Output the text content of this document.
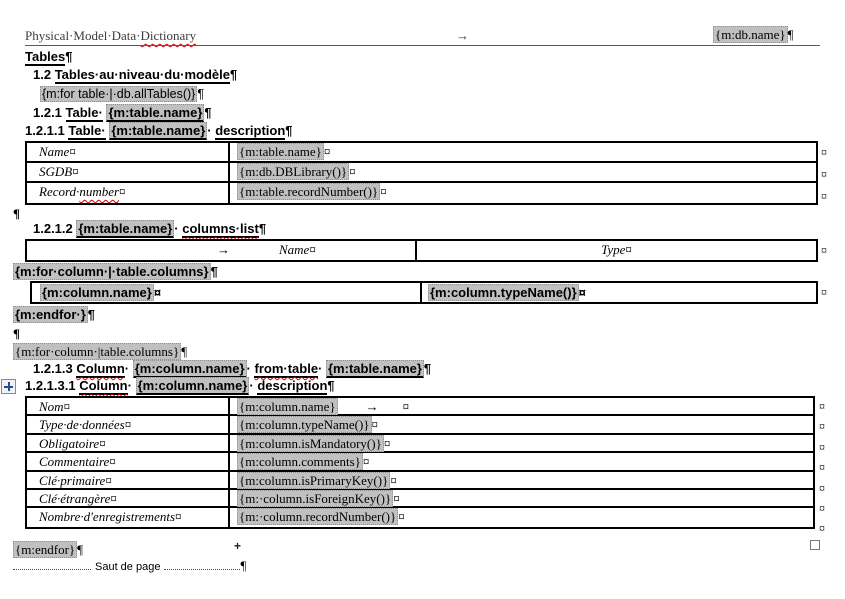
Physical·Model·Data·Dictionary	→	{m:db.name} ¶
Tables¶
1.2 Tables·au·niveau·du·modèle¶
{m:for table·|·db.allTables()} ¶
1.2.1 Table· {m:table.name} ¶
1.2.1.1 Table· {m:table.name} · description¶
Name¤	{m:table.name} ¤
SGDB¤	{m:db.DBLibrary()} ¤
Record·number¤	{m:table.recordNumber()} ¤
¤
¤
¤
¶
1.2.1.2 {m:table.name} · columns·list¶
→	Name¤	Type¤	¤
{m:for·column·|·table.columns} ¶
{m:column.name} ¤	{m:column.typeName()} ¤	¤
{m:endfor·} ¶
¶
{m:for·column·|table.columns} ¶
1.2.1.3 Column· {m:column.name} · from·table· {m:table.name} ¶
1.2.1.3.1 Column· {m:column.name} · description¶
Nom¤	{m:column.name} → ¤
Type·de·données¤	{m:column.typeName()} ¤
Obligatoire¤	{m:column.isMandatory()} ¤
Commentaire¤	{m:column.comments} ¤
Clé·primaire¤	{m:column.isPrimaryKey()} ¤
Clé·étrangère¤	{m:·column.isForeignKey()} ¤
Nombre·d'enregistrements¤	{m:·column.recordNumber()} ¤
¤
¤
¤
¤
¤
¤
¤
+
{m:endfor} ¶
Saut de page	¶
